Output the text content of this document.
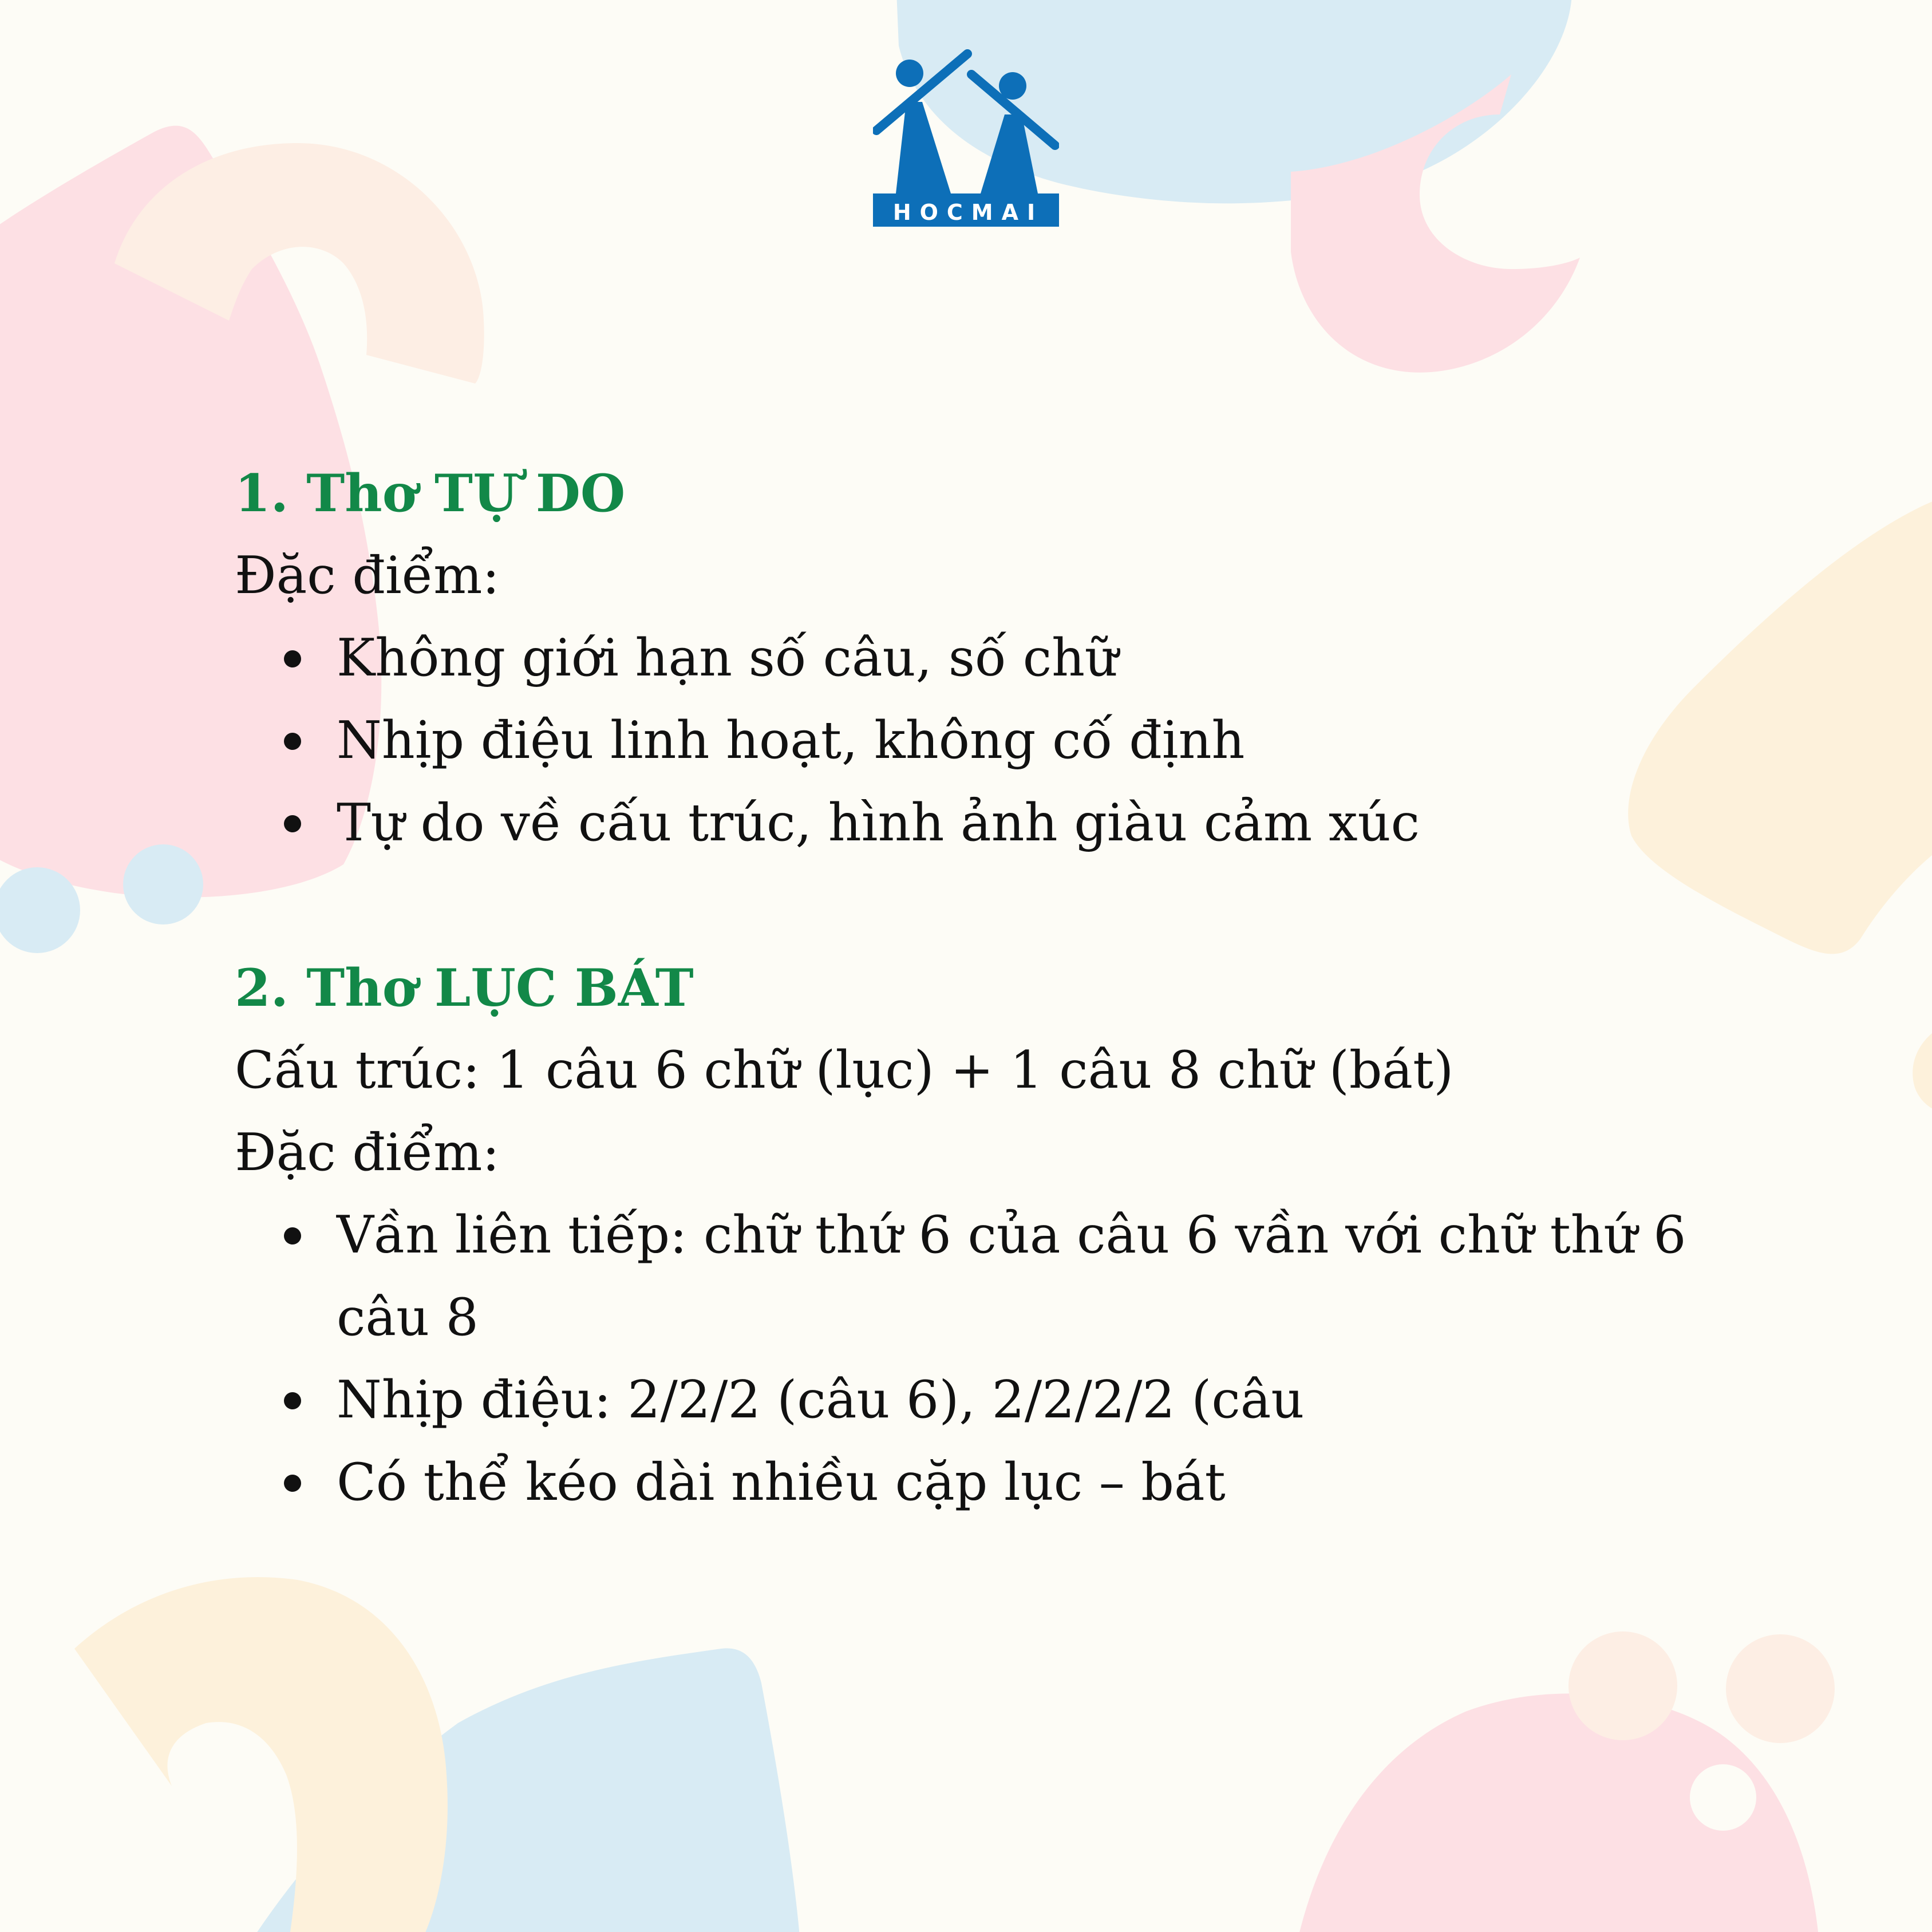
HOCMAI
1. Thơ TỰ DO

Đặc điểm:

Không giới hạn số câu, số chữ
Nhịp điệu linh hoạt, không cố định
Tự do về cấu trúc, hình ảnh giàu cảm xúc
2. Thơ LỤC BÁT

Cấu trúc: 1 câu 6 chữ (lục) + 1 câu 8 chữ (bát)

Đặc điểm:

Vần liên tiếp: chữ thứ 6 của câu 6 vần với chữ thứ 6 câu 8
Nhịp điệu: 2/2/2 (câu 6), 2/2/2/2 (câu
Có thể kéo dài nhiều cặp lục – bát
